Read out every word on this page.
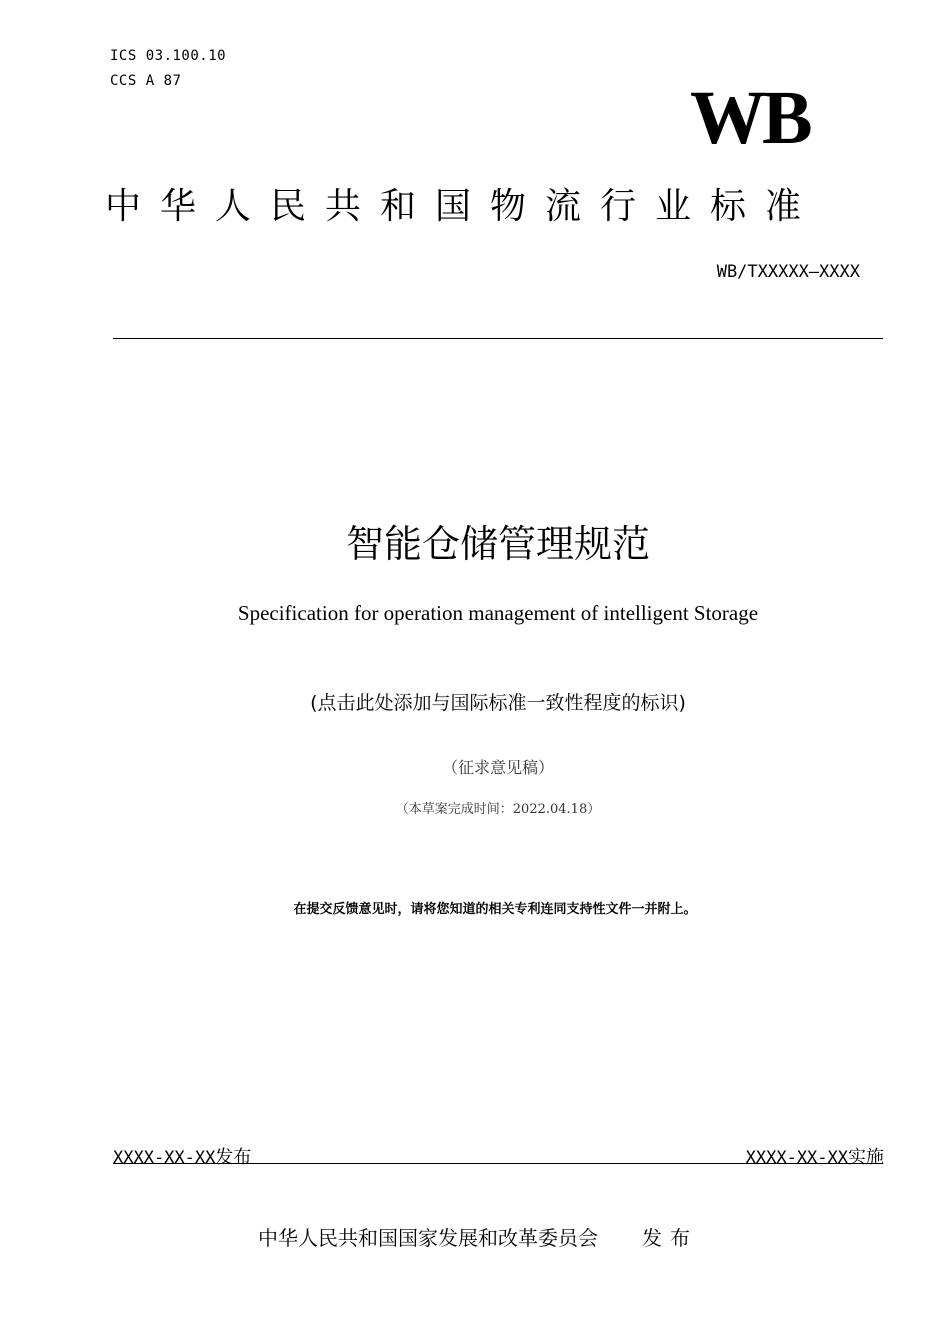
ICS 03.100.10
CCS A 87	WB
中华人民共和国物流行业标准
WB/TXXXXX—XXXX
智能仓储管理规范
Specification for operation management of intelligent Storage
(点击此处添加与国际标准一致性程度的标识)
（征求意见稿）
（本草案完成时间：2022.04.18）
在提交反馈意见时，请将您知道的相关专利连同支持性文件一并附上。
XXXX-XX-XX发布	XXXX-XX-XX实施
中华人民共和国国家发展和改革委员会 发布
